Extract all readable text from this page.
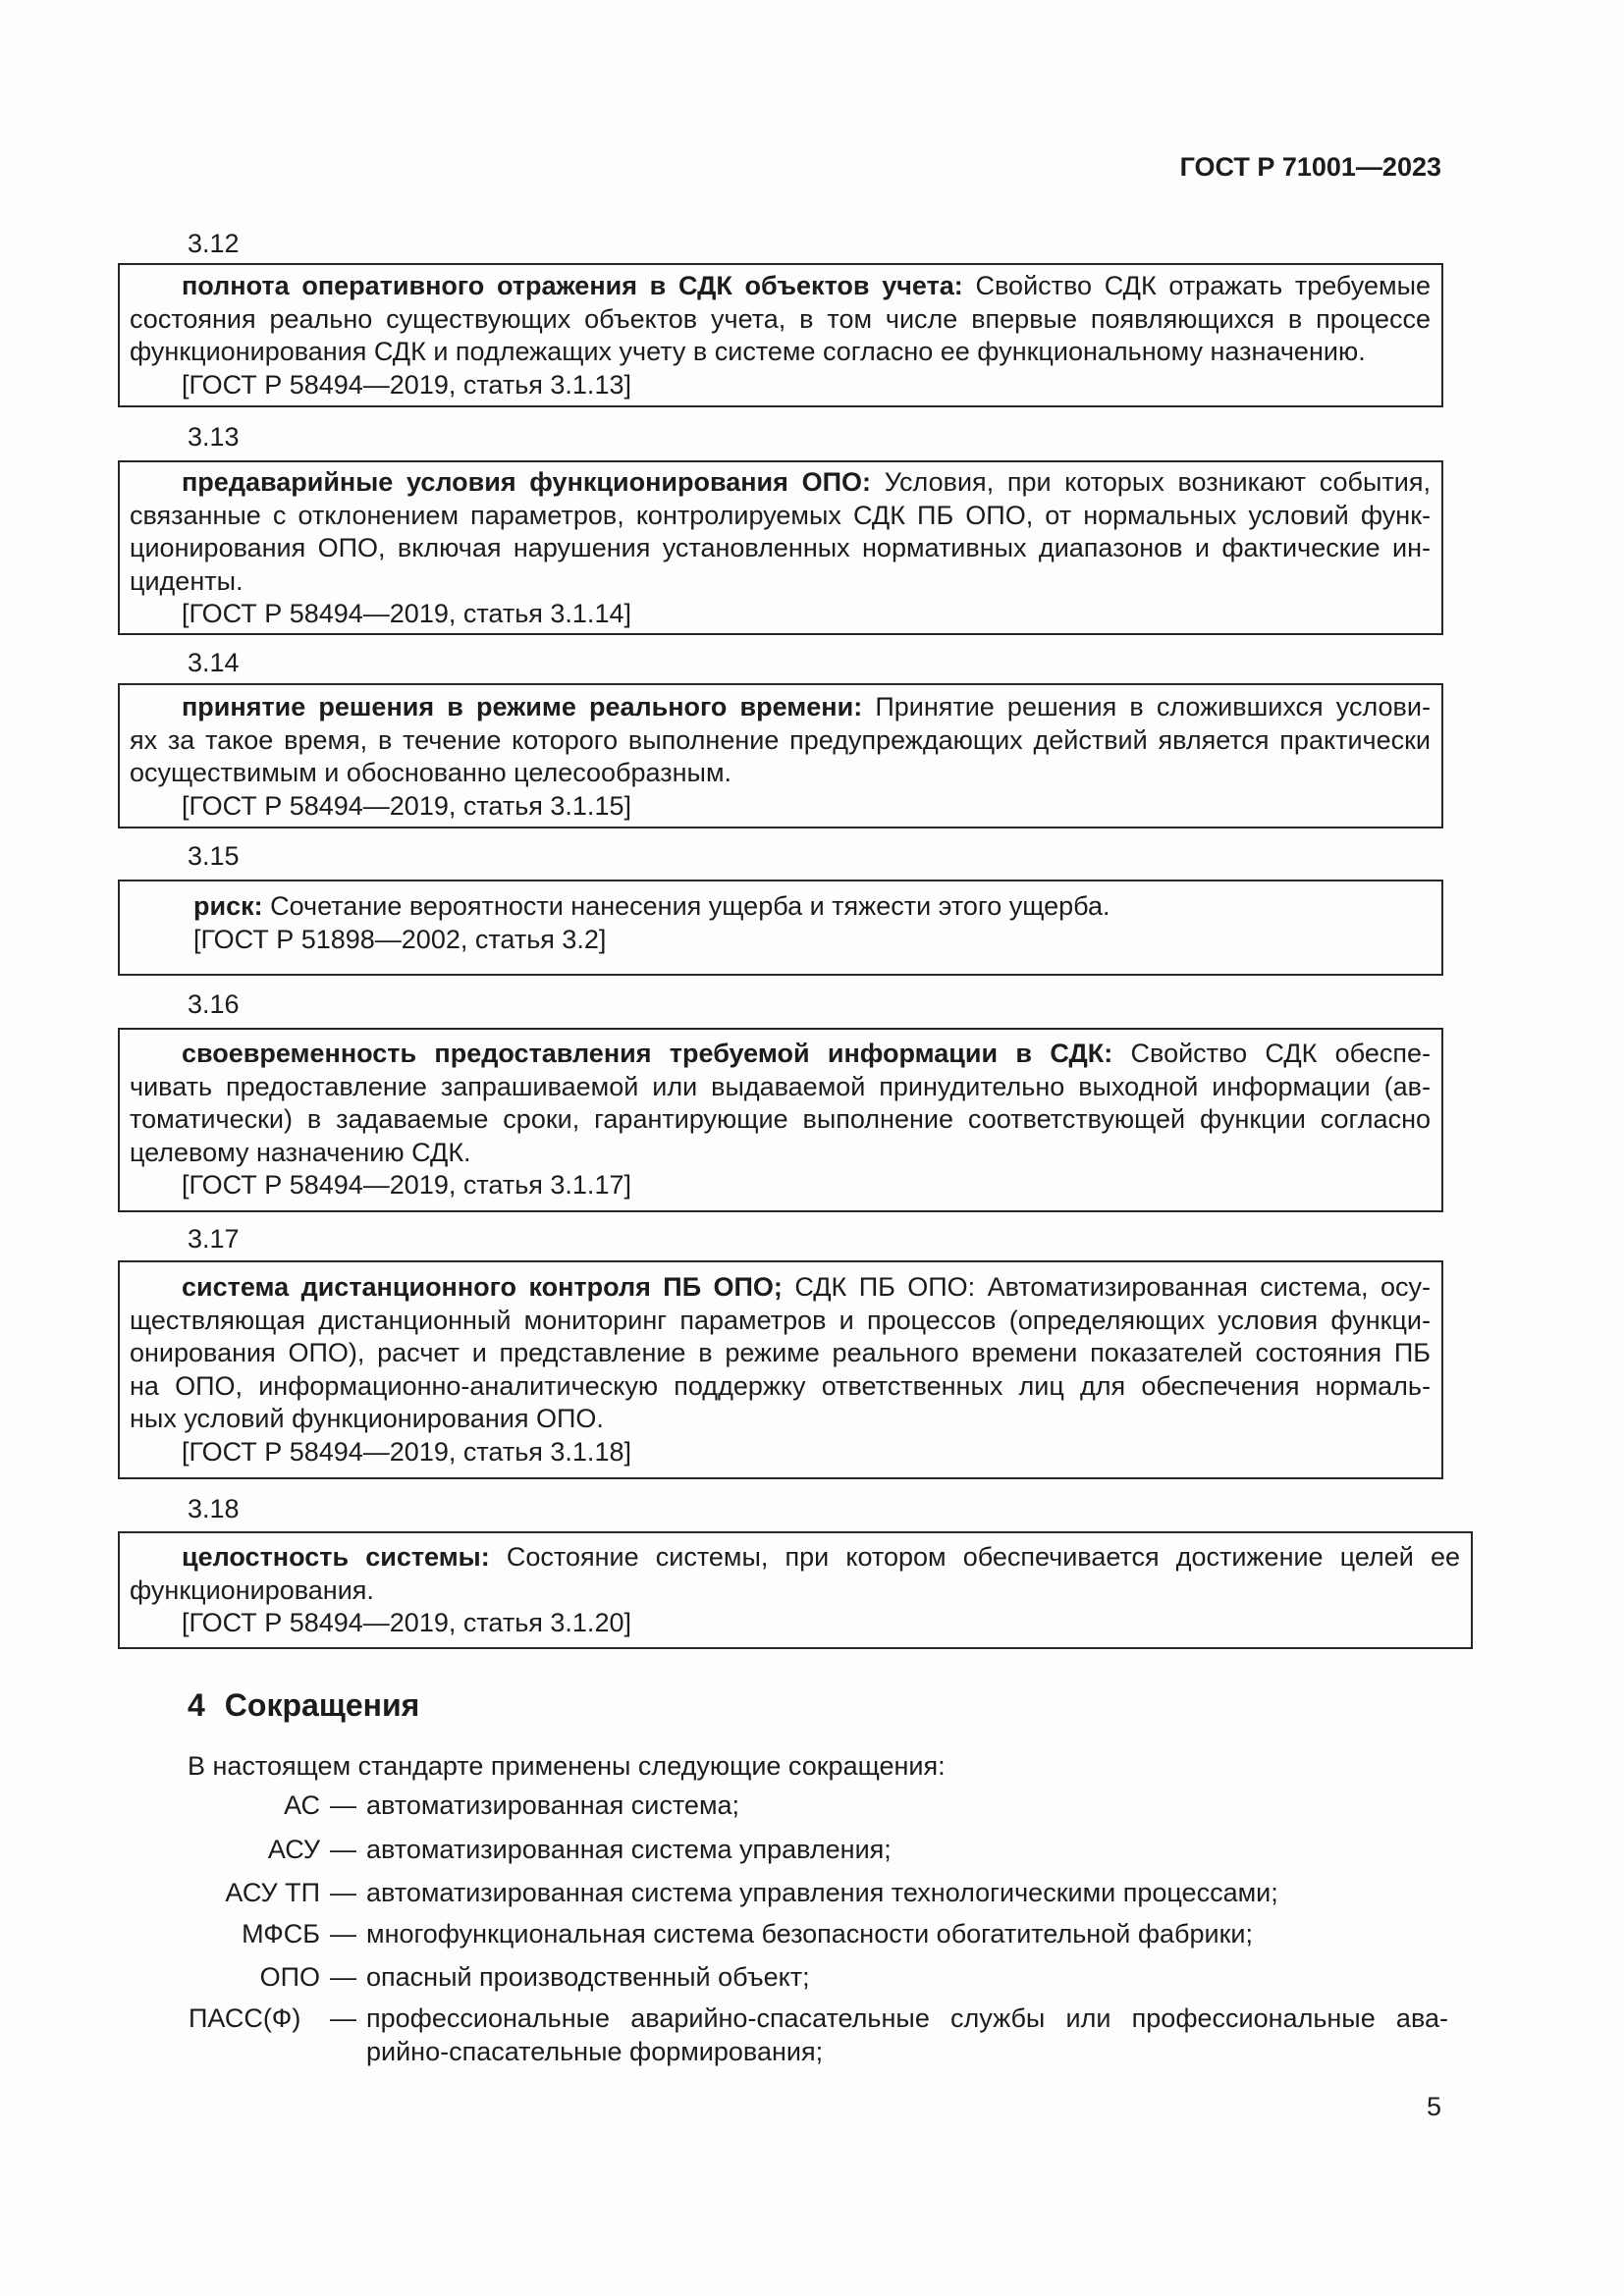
ГОСТ Р 71001—2023
3.12
полнота оперативного отражения в СДК объектов учета: Свойство СДК отражать требуемые
состояния реально существующих объектов учета, в том числе впервые появляющихся в процессе
функционирования СДК и подлежащих учету в системе согласно ее функциональному назначению.
[ГОСТ Р 58494—2019, статья 3.1.13]
3.13
предаварийные условия функционирования ОПО: Условия, при которых возникают события,
связанные с отклонением параметров, контролируемых СДК ПБ ОПО, от нормальных условий функ-
ционирования ОПО, включая нарушения установленных нормативных диапазонов и фактические ин-
циденты.
[ГОСТ Р 58494—2019, статья 3.1.14]
3.14
принятие решения в режиме реального времени: Принятие решения в сложившихся услови-
ях за такое время, в течение которого выполнение предупреждающих действий является практически
осуществимым и обоснованно целесообразным.
[ГОСТ Р 58494—2019, статья 3.1.15]
3.15
риск: Сочетание вероятности нанесения ущерба и тяжести этого ущерба.
[ГОСТ Р 51898—2002, статья 3.2]
3.16
своевременность предоставления требуемой информации в СДК: Свойство СДК обеспе-
чивать предоставление запрашиваемой или выдаваемой принудительно выходной информации (ав-
томатически) в задаваемые сроки, гарантирующие выполнение соответствующей функции согласно
целевому назначению СДК.
[ГОСТ Р 58494—2019, статья 3.1.17]
3.17
система дистанционного контроля ПБ ОПО; СДК ПБ ОПО: Автоматизированная система, осу-
ществляющая дистанционный мониторинг параметров и процессов (определяющих условия функци-
онирования ОПО), расчет и представление в режиме реального времени показателей состояния ПБ
на ОПО, информационно-аналитическую поддержку ответственных лиц для обеспечения нормаль-
ных условий функционирования ОПО.
[ГОСТ Р 58494—2019, статья 3.1.18]
3.18
целостность системы: Состояние системы, при котором обеспечивается достижение целей ее
функционирования.
[ГОСТ Р 58494—2019, статья 3.1.20]
4 Сокращения
В настоящем стандарте применены следующие сокращения:
АС — автоматизированная система;
АСУ — автоматизированная система управления;
АСУ ТП — автоматизированная система управления технологическими процессами;
МФСБ — многофункциональная система безопасности обогатительной фабрики;
ОПО — опасный производственный объект;
ПАСС(Ф) — профессиональные аварийно-спасательные службы или профессиональные ава-
рийно-спасательные формирования;
5
